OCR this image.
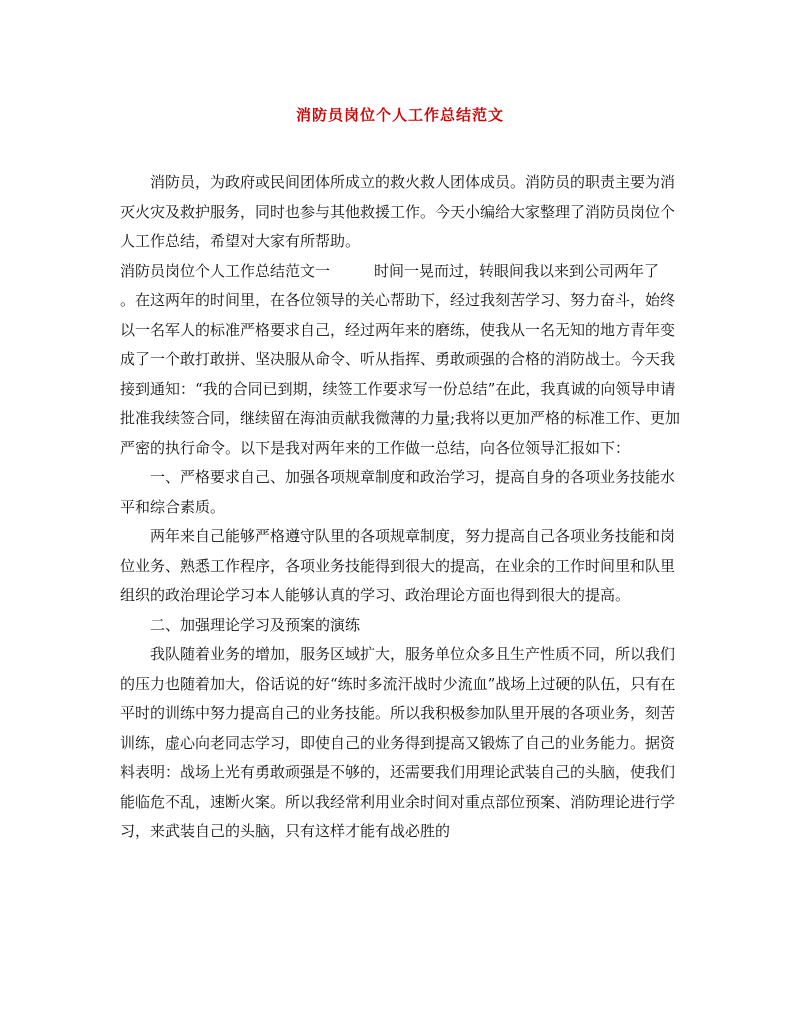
消防员岗位个人工作总结范文

消防员，为政府或民间团体所成立的救火救人团体成员。消防员的职责主要为消灭火灾及救护服务，同时也参与其他救援工作。今天小编给大家整理了消防员岗位个人工作总结，希望对大家有所帮助。

消防员岗位个人工作总结范文一	时间一晃而过，转眼间我以来到公司两年了

。在这两年的时间里，在各位领导的关心帮助下，经过我刻苦学习、努力奋斗，始终以一名军人的标准严格要求自己，经过两年来的磨练，使我从一名无知的地方青年变成了一个敢打敢拼、坚决服从命令、听从指挥、勇敢顽强的合格的消防战士。今天我接到通知：“我的合同已到期，续签工作要求写一份总结”在此，我真诚的向领导申请批准我续签合同，继续留在海油贡献我微薄的力量;我将以更加严格的标准工作、更加严密的执行命令。以下是我对两年来的工作做一总结，向各位领导汇报如下：

一、严格要求自己、加强各项规章制度和政治学习，提高自身的各项业务技能水平和综合素质。

两年来自己能够严格遵守队里的各项规章制度，努力提高自己各项业务技能和岗位业务、熟悉工作程序，各项业务技能得到很大的提高，在业余的工作时间里和队里组织的政治理论学习本人能够认真的学习、政治理论方面也得到很大的提高。

二、加强理论学习及预案的演练

我队随着业务的增加，服务区域扩大，服务单位众多且生产性质不同，所以我们的压力也随着加大，俗话说的好“练时多流汗战时少流血”战场上过硬的队伍，只有在平时的训练中努力提高自己的业务技能。所以我积极参加队里开展的各项业务，刻苦训练，虚心向老同志学习，即使自己的业务得到提高又锻炼了自己的业务能力。据资料表明：战场上光有勇敢顽强是不够的，还需要我们用理论武装自己的头脑，使我们能临危不乱，速断火案。所以我经常利用业余时间对重点部位预案、消防理论进行学习，来武装自己的头脑，只有这样才能有战必胜的
